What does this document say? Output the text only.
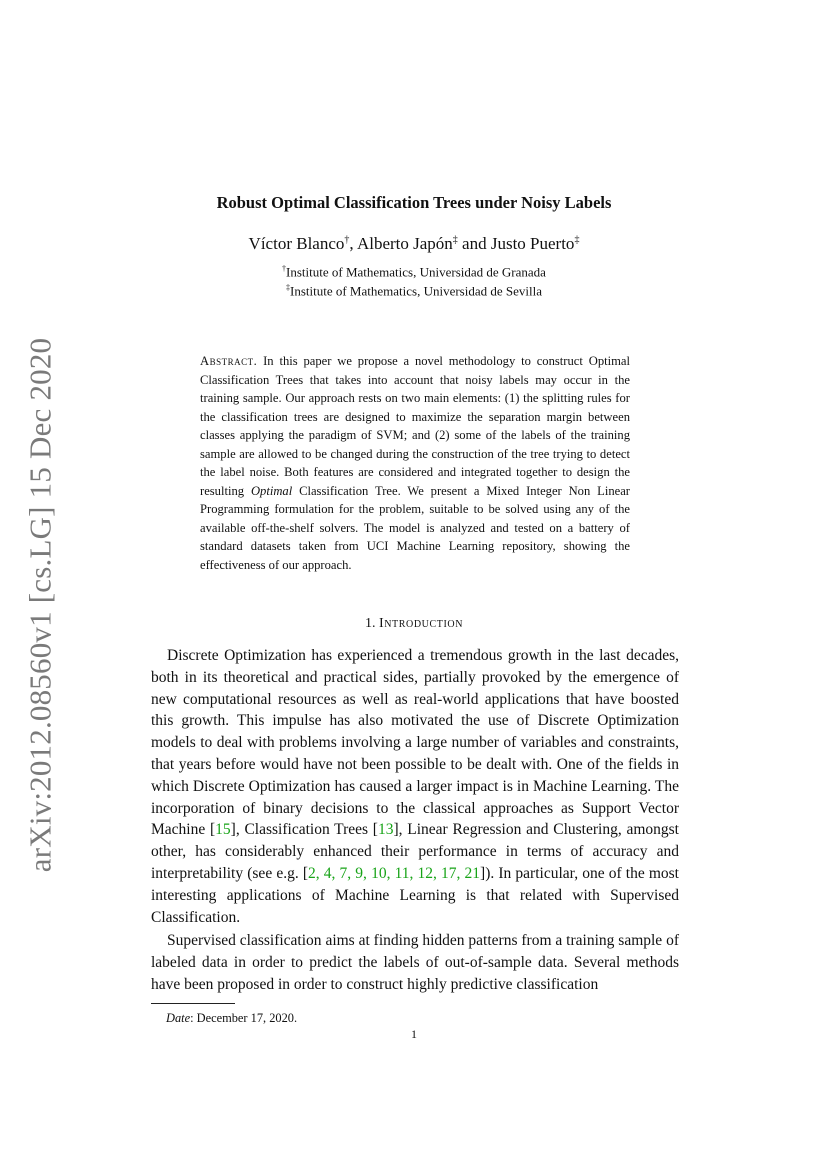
arXiv:2012.08560v1 [cs.LG] 15 Dec 2020
Robust Optimal Classification Trees under Noisy Labels
Víctor Blanco†, Alberto Japón‡ and Justo Puerto‡
†Institute of Mathematics, Universidad de Granada
‡Institute of Mathematics, Universidad de Sevilla
Abstract. In this paper we propose a novel methodology to construct Optimal Classification Trees that takes into account that noisy labels may occur in the training sample. Our approach rests on two main elements: (1) the splitting rules for the classification trees are designed to maximize the separation margin between classes applying the paradigm of SVM; and (2) some of the labels of the training sample are allowed to be changed during the construction of the tree trying to detect the label noise. Both features are considered and integrated together to design the resulting Optimal Classification Tree. We present a Mixed Integer Non Linear Programming formulation for the problem, suitable to be solved using any of the available off-the-shelf solvers. The model is analyzed and tested on a battery of standard datasets taken from UCI Machine Learning repository, showing the effectiveness of our approach.
1. Introduction

Discrete Optimization has experienced a tremendous growth in the last decades, both in its theoretical and practical sides, partially provoked by the emergence of new computational resources as well as real-world applications that have boosted this growth. This impulse has also motivated the use of Discrete Optimization models to deal with problems involving a large number of variables and constraints, that years before would have not been possible to be dealt with. One of the fields in which Discrete Optimization has caused a larger impact is in Machine Learning. The incorporation of binary decisions to the classical approaches as Support Vector Machine [15], Classification Trees [13], Linear Regression and Clustering, amongst other, has considerably enhanced their performance in terms of accuracy and interpretability (see e.g. [2, 4, 7, 9, 10, 11, 12, 17, 21]). In particular, one of the most interesting applications of Machine Learning is that related with Supervised Classification.

Supervised classification aims at finding hidden patterns from a training sample of labeled data in order to predict the labels of out-of-sample data. Several methods have been proposed in order to construct highly predictive classification

Date: December 17, 2020.
1
